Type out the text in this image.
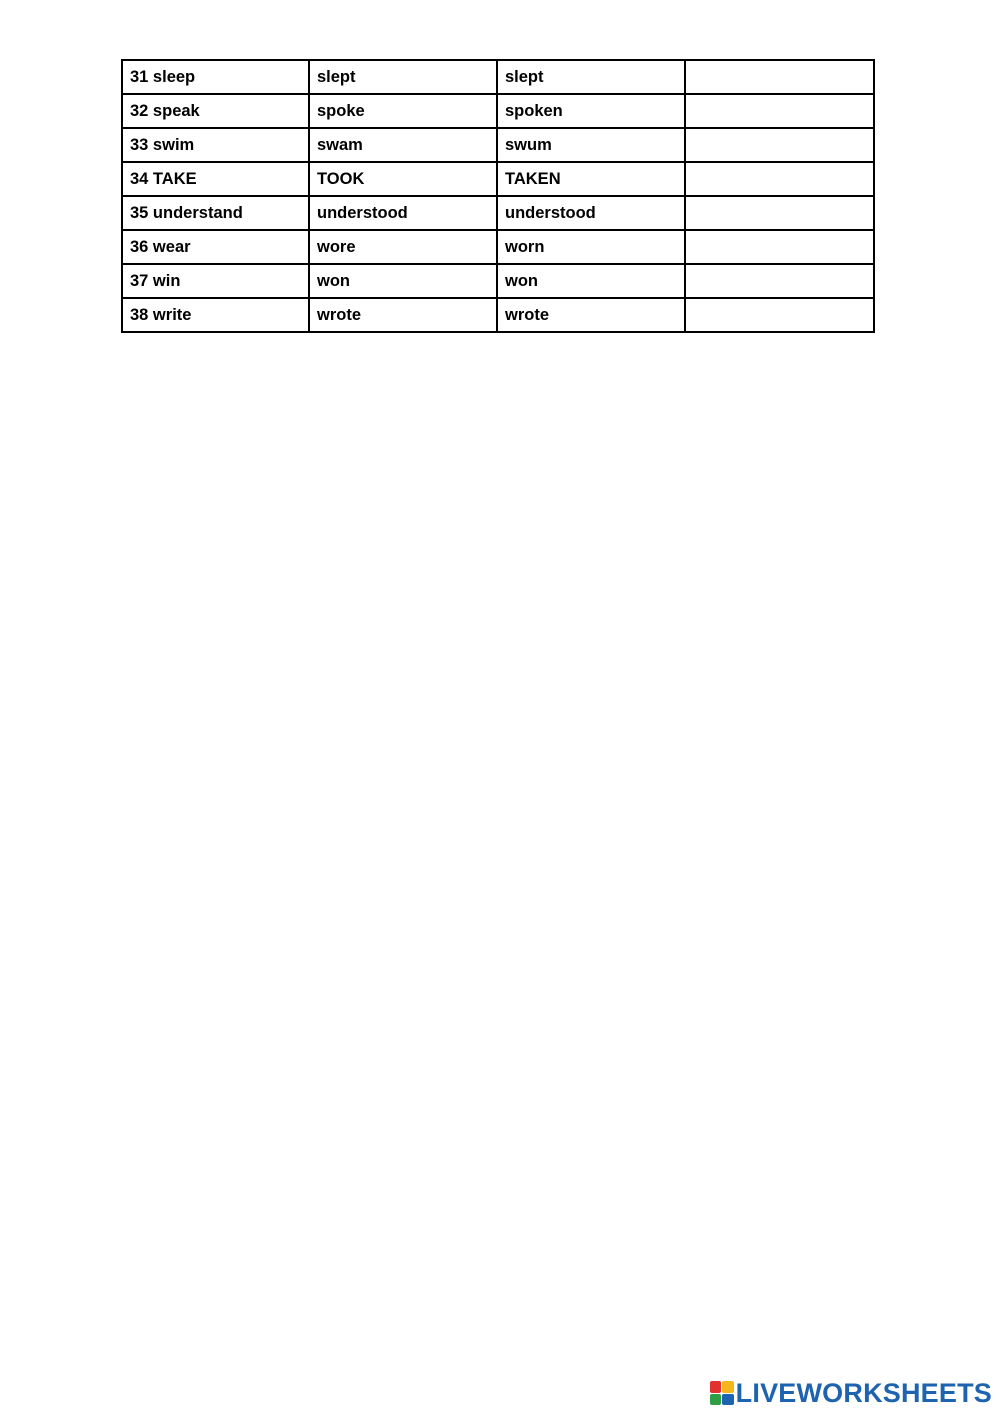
31 sleep	slept	slept	
32 speak	spoke	spoken	
33 swim	swam	swum	
34 TAKE	TOOK	TAKEN	
35 understand	understood	understood	
36 wear	wore	worn	
37 win	won	won	
38 write	wrote	wrote	
LIVEWORKSHEETS
